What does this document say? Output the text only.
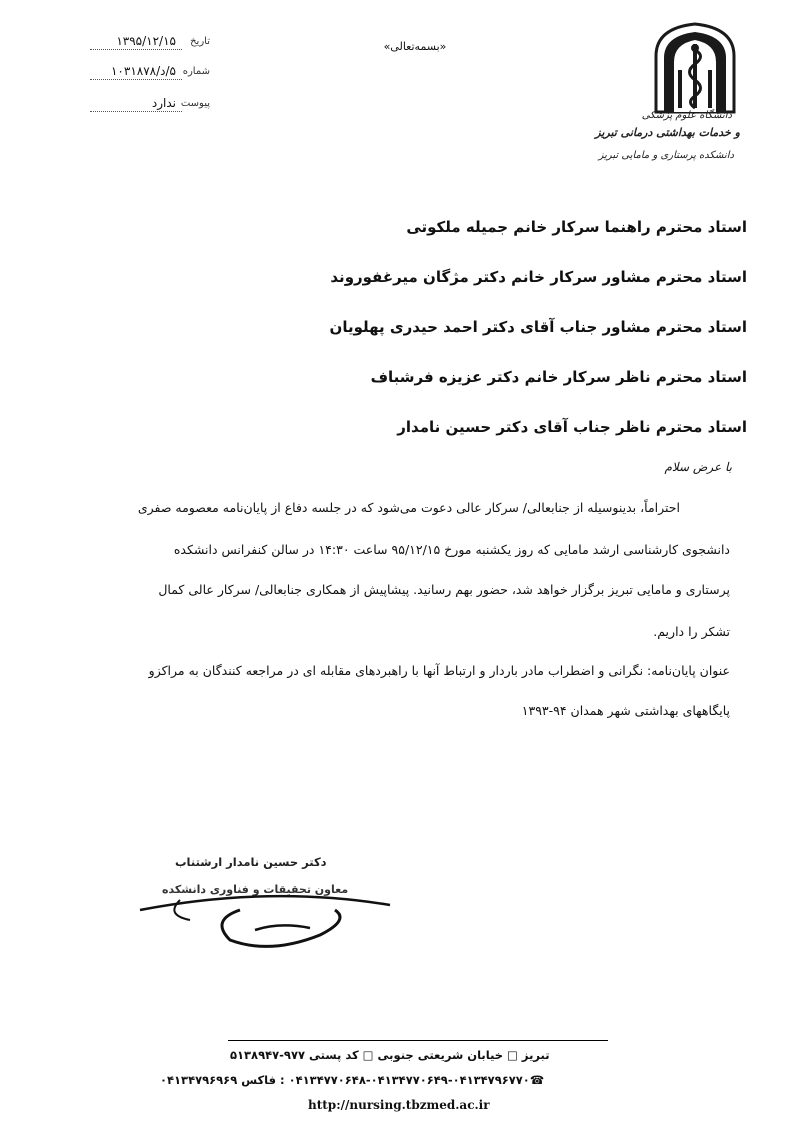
دانشگاه علوم پزشکی
و خدمات بهداشتی درمانی تبریز
دانشکده پرستاری و مامایی تبریز
«بسمه‌تعالی»
تاریخ
۱۳۹۵/۱۲/۱۵
شماره
۵/د/۱۰۳۱۸۷۸
پیوست
ندارد
استاد محترم راهنما سرکار خانم جمیله ملکوتی
استاد محترم مشاور سرکار خانم دکتر مژگان میرغفوروند
استاد محترم مشاور جناب آقای دکتر احمد حیدری پهلویان
استاد محترم ناظر سرکار خانم دکتر عزیزه فرشباف
استاد محترم ناظر جناب آقای دکتر حسین نامدار
با عرض سلام
احتراماً، بدینوسیله از جنابعالی/ سرکار عالی دعوت می‌شود که در جلسه دفاع از پایان‌نامه معصومه صفری
دانشجوی کارشناسی ارشد مامایی که روز یکشنبه مورخ ۹۵/۱۲/۱۵ ساعت ۱۴:۳۰ در سالن کنفرانس دانشکده
پرستاری و مامایی تبریز برگزار خواهد شد، حضور بهم رسانید. پیشاپیش از همکاری جنابعالی/ سرکار عالی کمال
تشکر را داریم.
عنوان پایان‌نامه: نگرانی و اضطراب مادر باردار و ارتباط آنها با راهبردهای مقابله ای در مراجعه کنندگان به مراکزو
پایگاههای بهداشتی شهر همدان ۹۴-۱۳۹۳
دکتر حسین نامدار ارشتناب
معاون تحقیقات و فناوری دانشکده
تبریز □ خیابان شریعتی جنوبی □ کد پستی ۹۷۷-۵۱۳۸۹۴۷
☎۰۴۱۳۴۷۷۰۶۴۸-۰۴۱۳۴۷۷۰۶۴۹-۰۴۱۳۴۷۹۶۷۷۰ : فاکس ۰۴۱۳۴۷۹۶۹۶۹
http://nursing.tbzmed.ac.ir
